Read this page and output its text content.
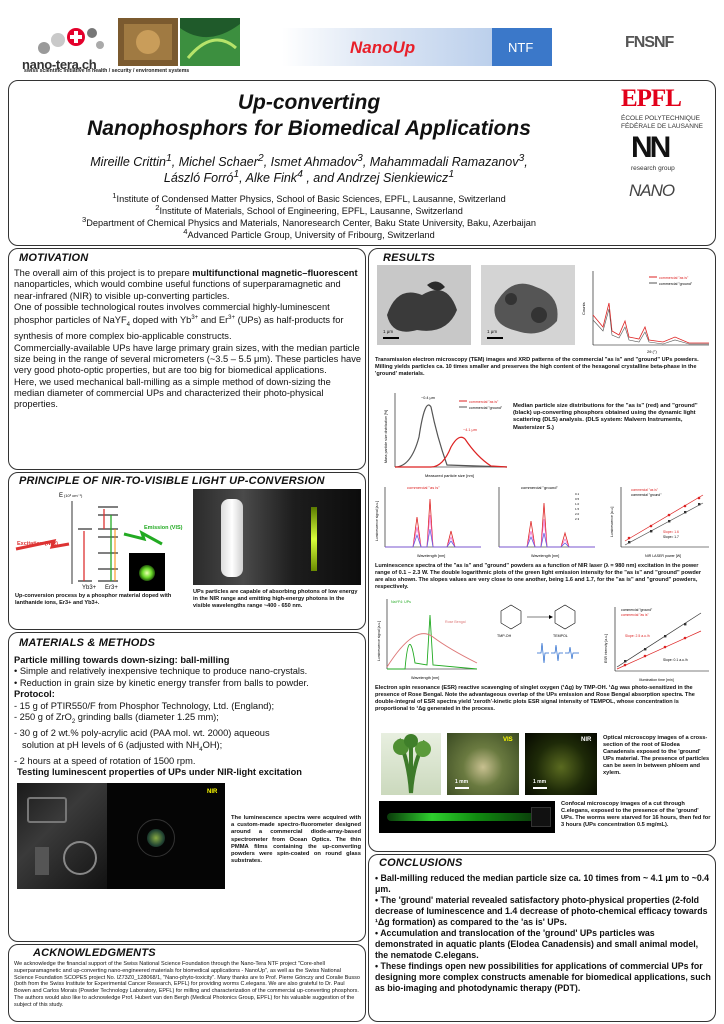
nano-tera.ch
swiss scientific initiative in health / security / environment systems
NanoUp	NTF	FNSNF
Up-converting
Nanophosphors for Biomedical Applications
Mireille Crittin$^1$, Michel Schaer$^2$, Ismet Ahmadov$^3$, Mahammadali Ramazanov$^3$,
László Forró$^1$, Alke Fink$^4$ , and Andrzej Sienkiewicz$^1$
$^1$Institute of Condensed Matter Physics, School of Basic Sciences, EPFL, Lausanne, Switzerland
$^2$Institute of Materials, School of Engineering, EPFL, Lausanne, Switzerland
$^3$Department of Chemical Physics and Materials, Nanoresearch Center, Baku State University, Baku, Azerbaijan
$^4$Advanced Particle Group, University of Fribourg, Switzerland
EPFL
ÉCOLE POLYTECHNIQUE
FÉDÉRALE DE LAUSANNE
NN
research group
NANO
MOTIVATION

The overall aim of this project is to prepare multifunctional magnetic–fluorescent nanoparticles, which would combine useful functions of superparamagnetic and near-infrared (NIR) to visible up-converting particles.

One of possible technological routes involves commercial highly-luminescent phosphor particles of NaYF$_4$ doped with $Yb^{3+}$ and $Er^{3+}$ (UPs) as half-products for synthesis of more complex bio-applicable constructs.

Commercially-available UPs have large primary grain sizes, with the median particle size being in the range of several micrometers (~3.5 – 5.5 μm). These particles have very good photo-optic properties, but are too big for biomedical applications.

Here, we used mechanical ball-milling as a simple method of down-sizing the median diameter of commercial UPs and characterized their photo-physical properties.

PRINCIPLE OF NIR-TO-VISIBLE LIGHT UP-CONVERSION
E (10³ cm⁻¹)
Excitation (NIR)
Emission (VIS)
Yb3+ Er3+
Up-conversion process by a phosphor material doped with lanthanide ions, Er3+ and Yb3+.
UPs particles are capable of absorbing photons of low energy in the NIR range and emitting high-energy photons in the visible wavelengths range ~400 - 650 nm.
MATERIALS & METHODS

Particle milling towards down-sizing: ball-milling

• Simple and relatively inexpensive technique to produce nano-crystals.

• Reduction in grain size by kinetic energy transfer from balls to powder.

Protocol:

- 15 g of PTIR550/F from Phosphor Technology, Ltd. (England);

- 250 g of ZrO$_2$ grinding balls (diameter 1.25 mm);

- 30 g of 2 wt.% poly-acrylic acid (PAA mol. wt. 2000) aqueous

solution at pH levels of 6 (adjusted with $NH_4OH$);

- 2 hours at a speed of rotation of 1500 rpm.

Testing luminescent properties of UPs under NIR-light excitation
NIR
The luminescence spectra were acquired with a custom-made spectro-fluorometer designed around a commercial diode-array-based spectrometer from Ocean Optics. The thin PMMA films containing the up-converting powders were spin-coated on round glass substrates.
ACKNOWLEDGMENTS
We acknowledge the financial support of the Swiss National Science Foundation through the Nano-Tera NTF project "Core-shell superparamagnetic and up-converting nano-engineered materials for biomedical applications - NanoUp", as well as the Swiss National Science Foundation SCOPES project No. IZ73Z0_128068/1, "Nano-phyto-toxicity". Many thanks are to Prof. Pierre Gönczy and Coralie Busso (both from the Swiss Institute for Experimental Cancer Research, EPFL) for providing worms C.elegans. We are also grateful to Dr. Paul Bowen and Carlos Morais (Powder Technology Laboratory, EPFL) for milling and characterization of the commercial up-converting phosphors. The authors would also like to acknowledge Prof. Hubert van den Bergh (Medical Photonics Group, EPFL) for his valuable suggestion of the subject of this study.
RESULTS
1 μm	1 μm
commercial "as is"
commercial "ground"
2θ (°)
Counts
Transmission electron microscopy (TEM) images and XRD patterns of the commercial "as is" and "ground" UPs powders. Milling yields particles ca. 10 times smaller and preserves the high content of the hexagonal crystalline beta-phase in the 'ground' materials.
commercial "as is"
commercial "ground"
~0.4 μm
~4.1 μm
Measured particle size [nm]
Mass particle size distribution [%]
Median particle size distributions for the "as is" (red) and "ground" (black) up-converting phosphors obtained using the dynamic light scattering (DLS) analysis. (DLS system: Malvern Instruments, Mastersizer S.)
commercial "as is"
Wavelength [nm]
Luminescence signal [a.u.]
commercial "ground"
0.1
0.5
1.0
1.5
2.0
2.3
Wavelength [nm]
commercial "as is"
commercial "ground"
Slope= 1.6
Slope= 1.7
NIR LASER power [W]
Luminescence [a.u.]
Luminescence spectra of the "as is" and "ground" powders as a function of NIR laser (λ = 980 nm) excitation in the power range of 0.1 – 2.3 W. The double logarithmic plots of the green light emission intensity for the "as is" and "ground" powder are also shown. The slopes values are very close to one another, being 1.6 and 1.7, for the "as is" and "ground" powders, respectively.
NaYF4: UPs
Rose Bengal
Wavelength [nm]
Luminescence signal [a.u.]	TMP-OH	TEMPOL
commercial "ground"
commercial "as is"
Slope: 2.5 a.u./h
Slope: 0.1 a.u./h
Illumination time [min]
ESR intensity [a.u.]
Electron spin resonance (ESR) reactive scavenging of singlet oxygen (¹Δg) by TMP-OH. ¹Δg was photo-sensitized in the presence of Rose Bengal. Note the advantageous overlap of the UPs emission and Rose Bengal absorption spectra. The double-integral of ESR spectra yield 'zeroth'-kinetic plots ESR signal intensity of TEMPOL, whose concentration is proportional to ¹Δg generated in the process.
VIS
1 mm
NIR
1 mm
Optical microscopy images of a cross-section of the root of Elodea Canadensis exposed to the 'ground' UPs material. The presence of particles can be seen in between phloem and xylem.
Confocal microscopy images of a cut through C.elegans, exposed to the presence of the 'ground' UPs. The worms were starved for 16 hours, then fed for 3 hours (UPs concentration 0.5 mg/mL).
CONCLUSIONS

• Ball-milling reduced the median particle size ca. 10 times from ~ 4.1 μm to ~0.4 μm.

• The 'ground' material revealed satisfactory photo-physical properties (2-fold decrease of luminescence and 1.4 decrease of photo-chemical efficacy towards ¹Δg formation) as compared to the 'as is' UPs.

• Accumulation and translocation of the 'ground' UPs particles was demonstrated in aquatic plants (Elodea Canadensis) and small animal model, the nematode C.elegans.

• These findings open new possibilities for applications of commercial UPs for designing more complex constructs amenable for biomedical applications, such as bio-imaging and photodynamic therapy (PDT).
